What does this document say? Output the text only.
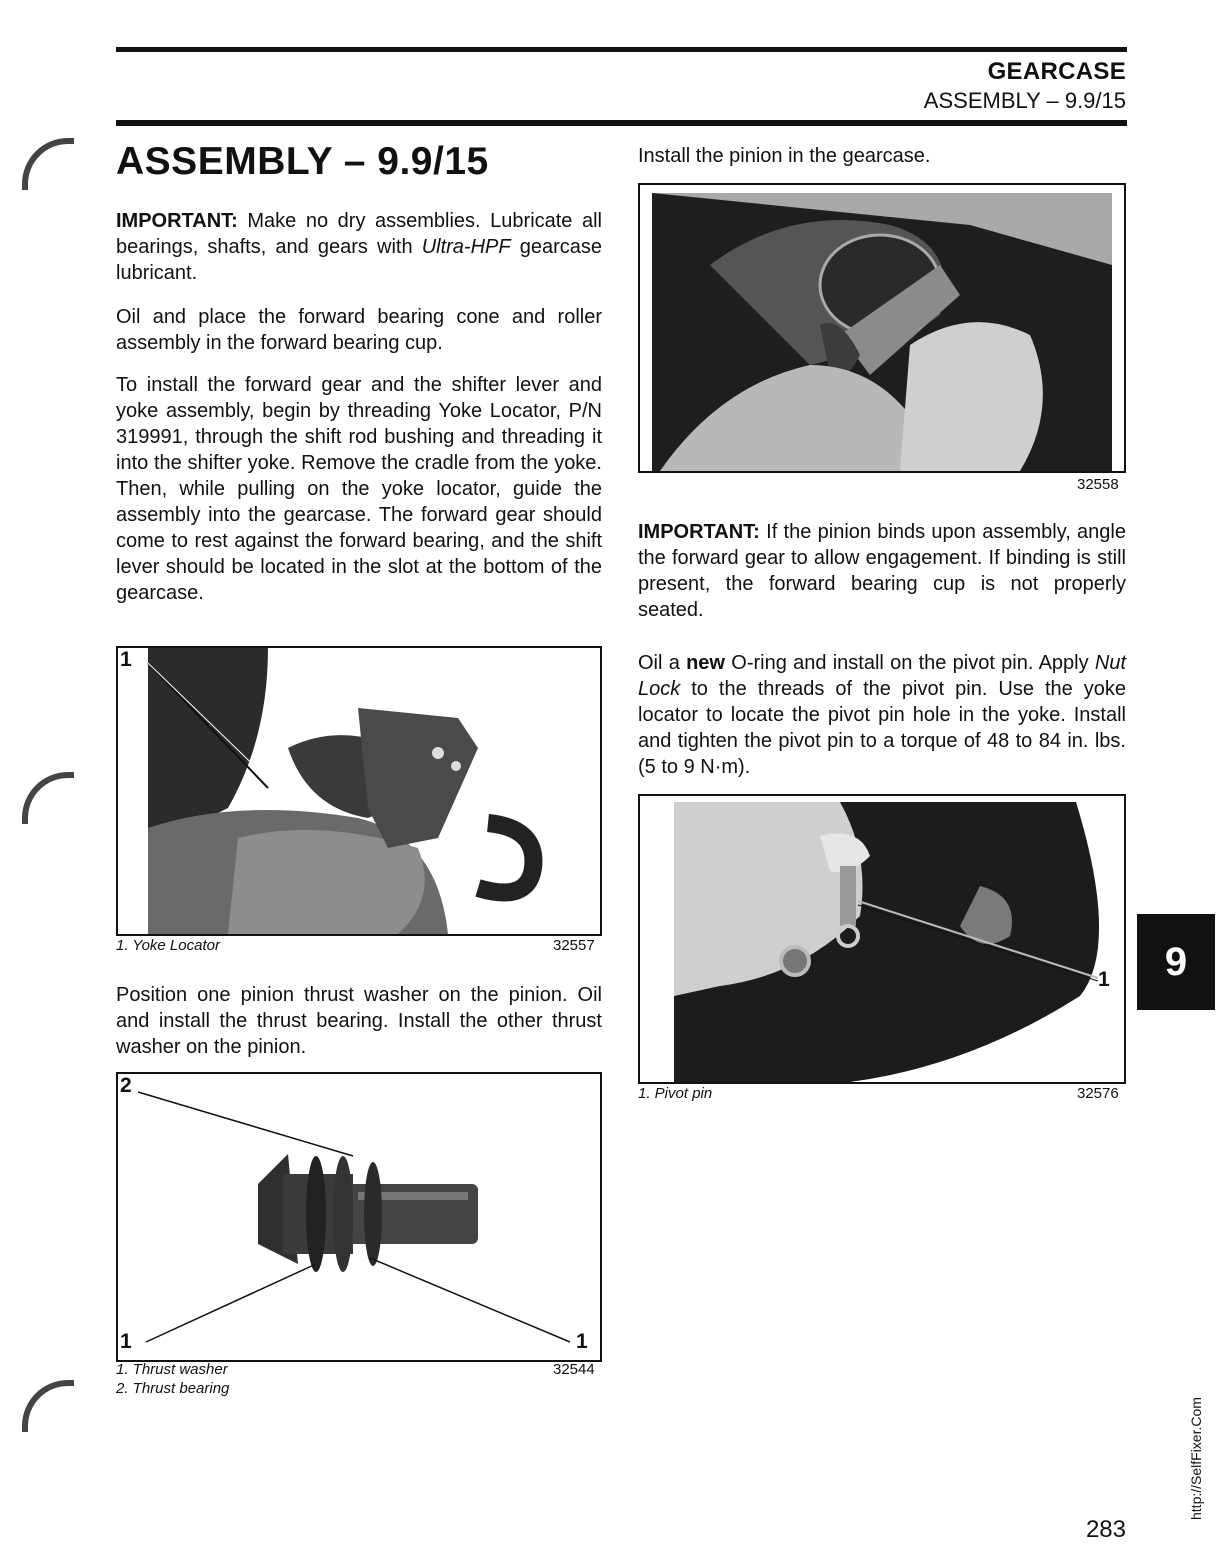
GEARCASE
ASSEMBLY – 9.9/15
ASSEMBLY – 9.9/15

IMPORTANT: Make no dry assemblies. Lubricate all bearings, shafts, and gears with Ultra-HPF gearcase lubricant.

Oil and place the forward bearing cone and roller assembly in the forward bearing cup.

To install the forward gear and the shifter lever and yoke assembly, begin by threading Yoke Locator, P/N 319991, through the shift rod bushing and threading it into the shifter yoke. Remove the cradle from the yoke. Then, while pulling on the yoke locator, guide the assembly into the gearcase. The forward gear should come to rest against the forward bearing, and the shift lever should be located in the slot at the bottom of the gearcase.

1
1. Yoke Locator	32557

Position one pinion thrust washer on the pinion. Oil and install the thrust bearing. Install the other thrust washer on the pinion.

2
1	1
1. Thrust washer
2. Thrust bearing
32544

Install the pinion in the gearcase.

32558

IMPORTANT: If the pinion binds upon assembly, angle the forward gear to allow engagement. If binding is still present, the forward bearing cup is not properly seated.

Oil a new O-ring and install on the pivot pin. Apply Nut Lock to the threads of the pivot pin. Use the yoke locator to locate the pivot pin hole in the yoke. Install and tighten the pivot pin to a torque of 48 to 84 in. lbs. (5 to 9 N·m).

1
1. Pivot pin	32576
9
283
http://SelfFixer.Com
